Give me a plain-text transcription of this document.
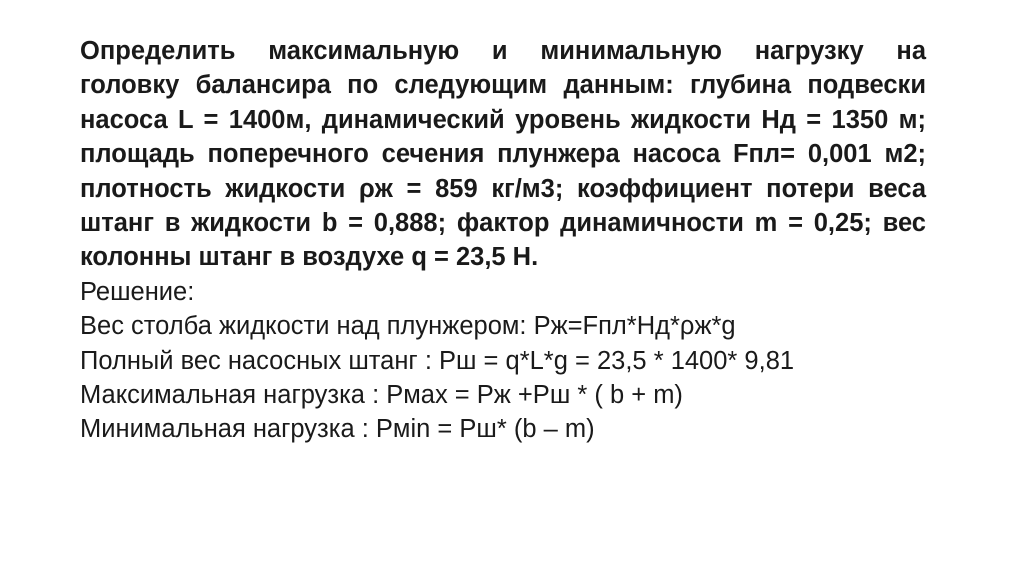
Определить максимальную и минимальную нагрузку на
головку балансира по следующим данным: глубина подвески
насоса L = 1400м, динамический уровень жидкости Нд = 1350 м;
площадь поперечного сечения плунжера насоса Fпл= 0,001 м2;
плотность жидкости ρж = 859 кг/м3; коэффициент потери веса
штанг в жидкости b = 0,888; фактор динамичности m = 0,25; вес
колонны штанг в воздухе q = 23,5 Н.
Решение:
Вес столба жидкости над плунжером: Рж=Fпл*Нд*ρж*g
Полный вес насосных штанг : Рш = q*L*g = 23,5 * 1400* 9,81
Максимальная нагрузка : Рмах = Рж +Рш * ( b + m)
Минимальная нагрузка : Рмin = Рш* (b – m)
